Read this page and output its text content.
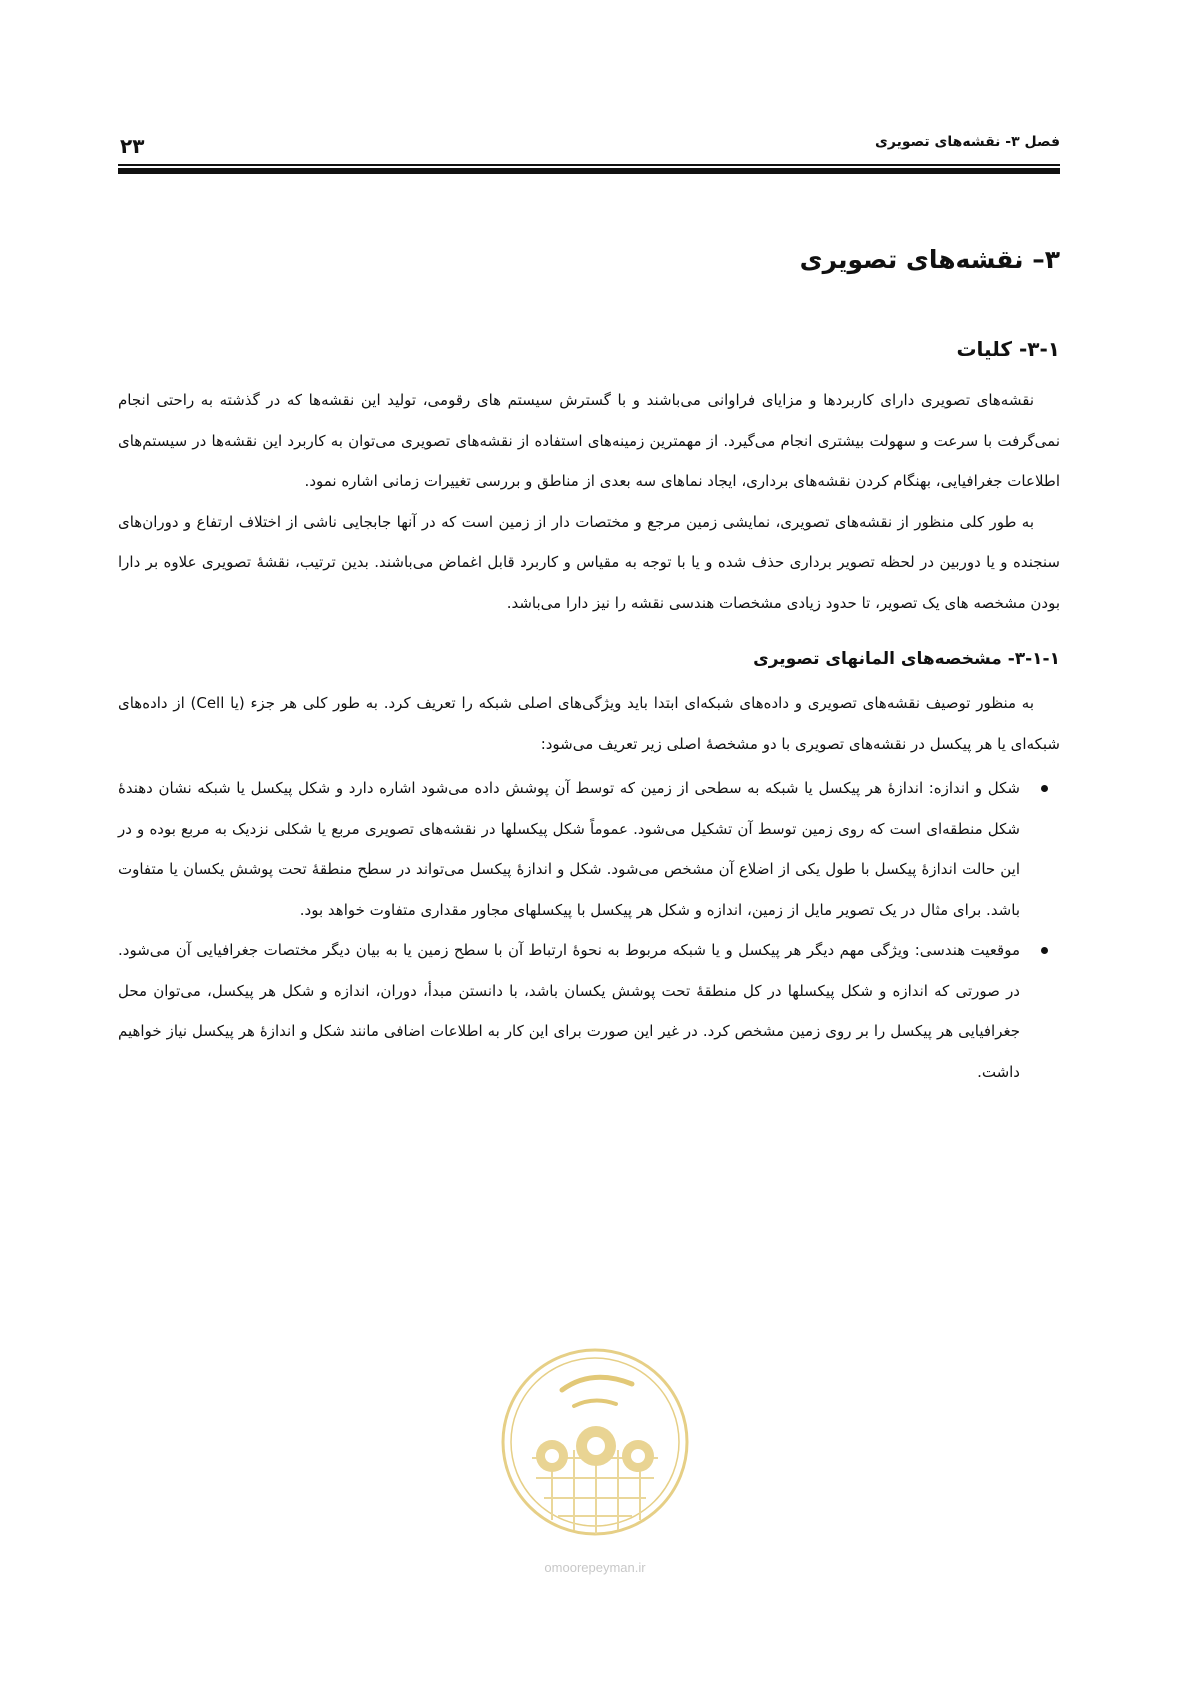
فصل ۳- نقشه‌های تصویری
۲۳
۳– نقشه‌های تصویری
۳-۱- کلیات

نقشه‌های تصویری دارای کاربردها و مزایای فراوانی می‌باشند و با گسترش سیستم های رقومی، تولید این نقشه‌ها که در گذشته به راحتی انجام نمی‌گرفت با سرعت و سهولت بیشتری انجام می‌گیرد. از مهمترین زمینه‌های استفاده از نقشه‌های تصویری می‌توان به کاربرد این نقشه‌ها در سیستم‌های اطلاعات جغرافیایی، بهنگام کردن نقشه‌های برداری، ایجاد نماهای سه بعدی از مناطق و بررسی تغییرات زمانی اشاره نمود.

به طور کلی منظور از نقشه‌های تصویری، نمایشی زمین مرجع و مختصات دار از زمین است که در آنها جابجایی ناشی از اختلاف ارتفاع و دوران‌های سنجنده و یا دوربین در لحظه تصویر برداری حذف شده و یا با توجه به مقیاس و کاربرد قابل اغماض می‌باشند. بدین ترتیب، نقشهٔ تصویری علاوه بر دارا بودن مشخصه های یک تصویر، تا حدود زیادی مشخصات هندسی نقشه را نیز دارا می‌باشد.

۳-۱-۱- مشخصه‌های المانهای تصویری

به منظور توصیف نقشه‌های تصویری و داده‌های شبکه‌ای ابتدا باید ویژگی‌های اصلی شبکه را تعریف کرد. به طور کلی هر جزء (یا Cell) از داده‌های شبکه‌ای یا هر پیکسل در نقشه‌های تصویری با دو مشخصهٔ اصلی زیر تعریف می‌شود:

شکل و اندازه: اندازهٔ هر پیکسل یا شبکه به سطحی از زمین که توسط آن پوشش داده می‌شود اشاره دارد و شکل پیکسل یا شبکه نشان دهندهٔ شکل منطقه‌ای است که روی زمین توسط آن تشکیل می‌شود. عموماً شکل پیکسلها در نقشه‌های تصویری مربع یا شکلی نزدیک به مربع بوده و در این حالت اندازهٔ پیکسل با طول یکی از اضلاع آن مشخص می‌شود. شکل و اندازهٔ پیکسل می‌تواند در سطح منطقهٔ تحت پوشش یکسان یا متفاوت باشد. برای مثال در یک تصویر مایل از زمین، اندازه و شکل هر پیکسل با پیکسلهای مجاور مقداری متفاوت خواهد بود.
موقعیت هندسی: ویژگی مهم دیگر هر پیکسل و یا شبکه مربوط به نحوهٔ ارتباط آن با سطح زمین یا به بیان دیگر مختصات جغرافیایی آن می‌شود. در صورتی که اندازه و شکل پیکسلها در کل منطقهٔ تحت پوشش یکسان باشد، با دانستن مبدأ، دوران، اندازه و شکل هر پیکسل، می‌توان محل جغرافیایی هر پیکسل را بر روی زمین مشخص کرد. در غیر این صورت برای این کار به اطلاعات اضافی مانند شکل و اندازهٔ هر پیکسل نیاز خواهیم داشت.
omoorepeyman.ir
